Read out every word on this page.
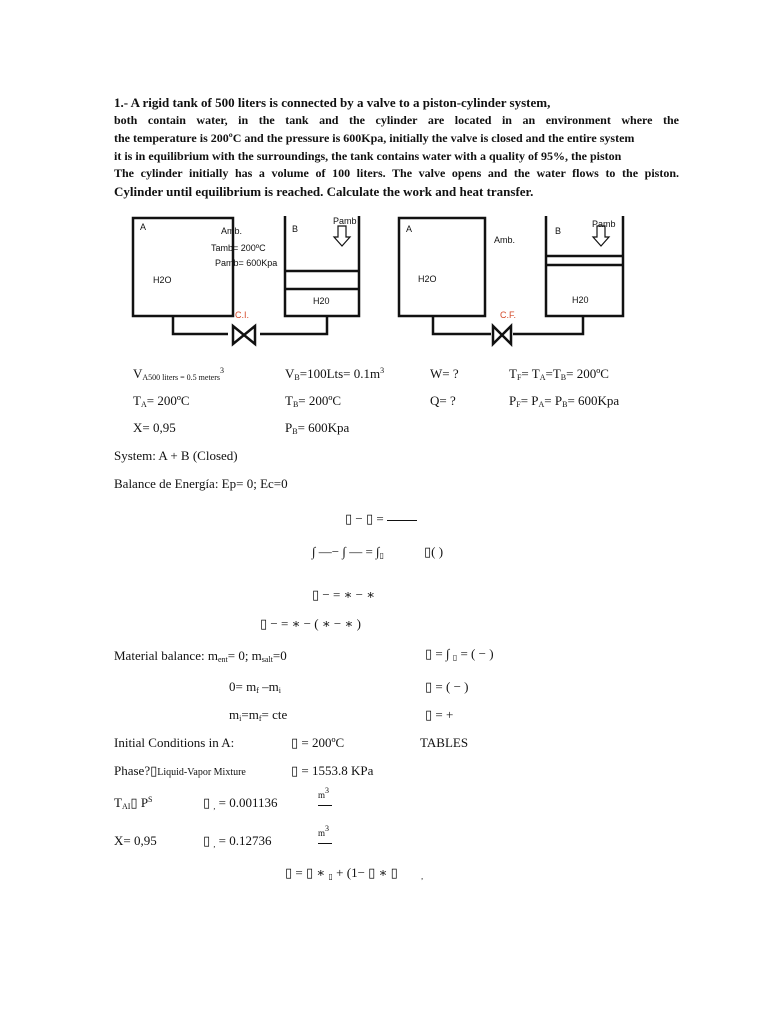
1.- A rigid tank of 500 liters is connected by a valve to a piston-cylinder system,
both contain water, in the tank and the cylinder are located in an environment where the
the temperature is 200ºC and the pressure is 600Kpa, initially the valve is closed and the entire system
it is in equilibrium with the surroundings, the tank contains water with a quality of 95%, the piston
The cylinder initially has a volume of 100 liters. The valve opens and the water flows to the piston.
Cylinder until equilibrium is reached. Calculate the work and heat transfer.
A
H2O
Amb.
Tamb= 200ºC
Pamb= 600Kpa
B
Pamb
H20
C.I.
A
H2O
Amb.
B
Pamb
H20
C.F.
$V_{A500 liters = 0.5 meters}^3$	$V_B=100Lts= 0.1m^3$	W= ?	$T_F= T_A=T_B=$ 200ºC
$T_A=$ 200ºC	$T_B=$ 200ºC	Q= ?	$P_F= P_A= P_B= 600Kpa$
X= 0,95	$P_B= 600Kpa$
System: A + B (Closed)
Balance de Energía: Ep= 0; Ec=0
▯ − ▯ =
∫ —− ∫ — = $\int_▯$	▯( )
▯ − = ∗ − ∗
▯ − = ∗ − ( ∗ − ∗ )
Material balance: $m_{ent}= 0$; $m_{salt}=0$	▯ = ∫ $_▯$ = ( − )
$0= m_f$ $-m_i$	▯ = ( − )
$m_i=m_f=$ cte	▯ = +
Initial Conditions in A:	▯ = 200ºC	TABLES
Phase?▯Liquid-Vapor Mixture	▯ = 1553.8 KPa
$T_{AI}▯$ $P^S$	▯ $_,$ = 0.001136	m3

X= 0,95	▯ $_,$ = 0.12736	m3

▯ = ▯ ∗ $_▯$ + (1− ▯ ∗ ▯	$_,$
